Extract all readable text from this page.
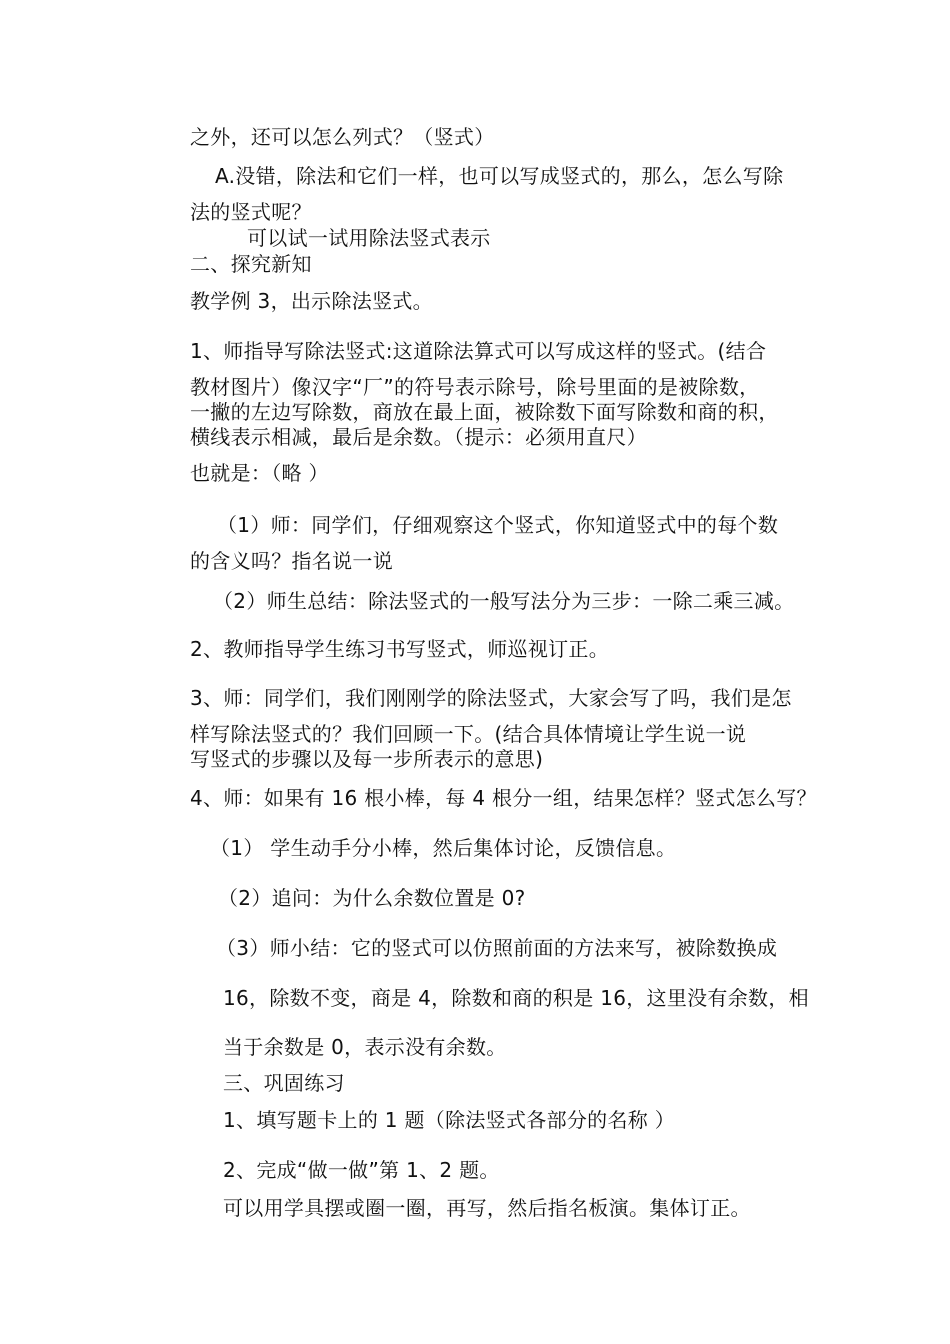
之外，还可以怎么列式？（竖式）
A.没错，除法和它们一样，也可以写成竖式的，那么，怎么写除
法的竖式呢？
可以试一试用除法竖式表示
二、探究新知
教学例 3，出示除法竖式。
1、师指导写除法竖式:这道除法算式可以写成这样的竖式。(结合
教材图片）像汉字“厂”的符号表示除号，除号里面的是被除数，
一撇的左边写除数，商放在最上面，被除数下面写除数和商的积，
横线表示相减，最后是余数。（提示：必须用直尺）
也就是：（略 ）
（1）师：同学们，仔细观察这个竖式，你知道竖式中的每个数
的含义吗？指名说一说
（2）师生总结：除法竖式的一般写法分为三步：一除二乘三减。
2、教师指导学生练习书写竖式，师巡视订正。
3、师：同学们，我们刚刚学的除法竖式，大家会写了吗，我们是怎
样写除法竖式的？我们回顾一下。(结合具体情境让学生说一说
写竖式的步骤以及每一步所表示的意思)
4、师：如果有 16 根小棒，每 4 根分一组，结果怎样？竖式怎么写？
（1） 学生动手分小棒，然后集体讨论，反馈信息。
（2）追问：为什么余数位置是 0?
（3）师小结：它的竖式可以仿照前面的方法来写，被除数换成
16，除数不变，商是 4，除数和商的积是 16，这里没有余数，相
当于余数是 0，表示没有余数。
三、巩固练习
1、填写题卡上的 1 题（除法竖式各部分的名称 ）
2、完成“做一做”第 1、2 题。
可以用学具摆或圈一圈，再写，然后指名板演。集体订正。
